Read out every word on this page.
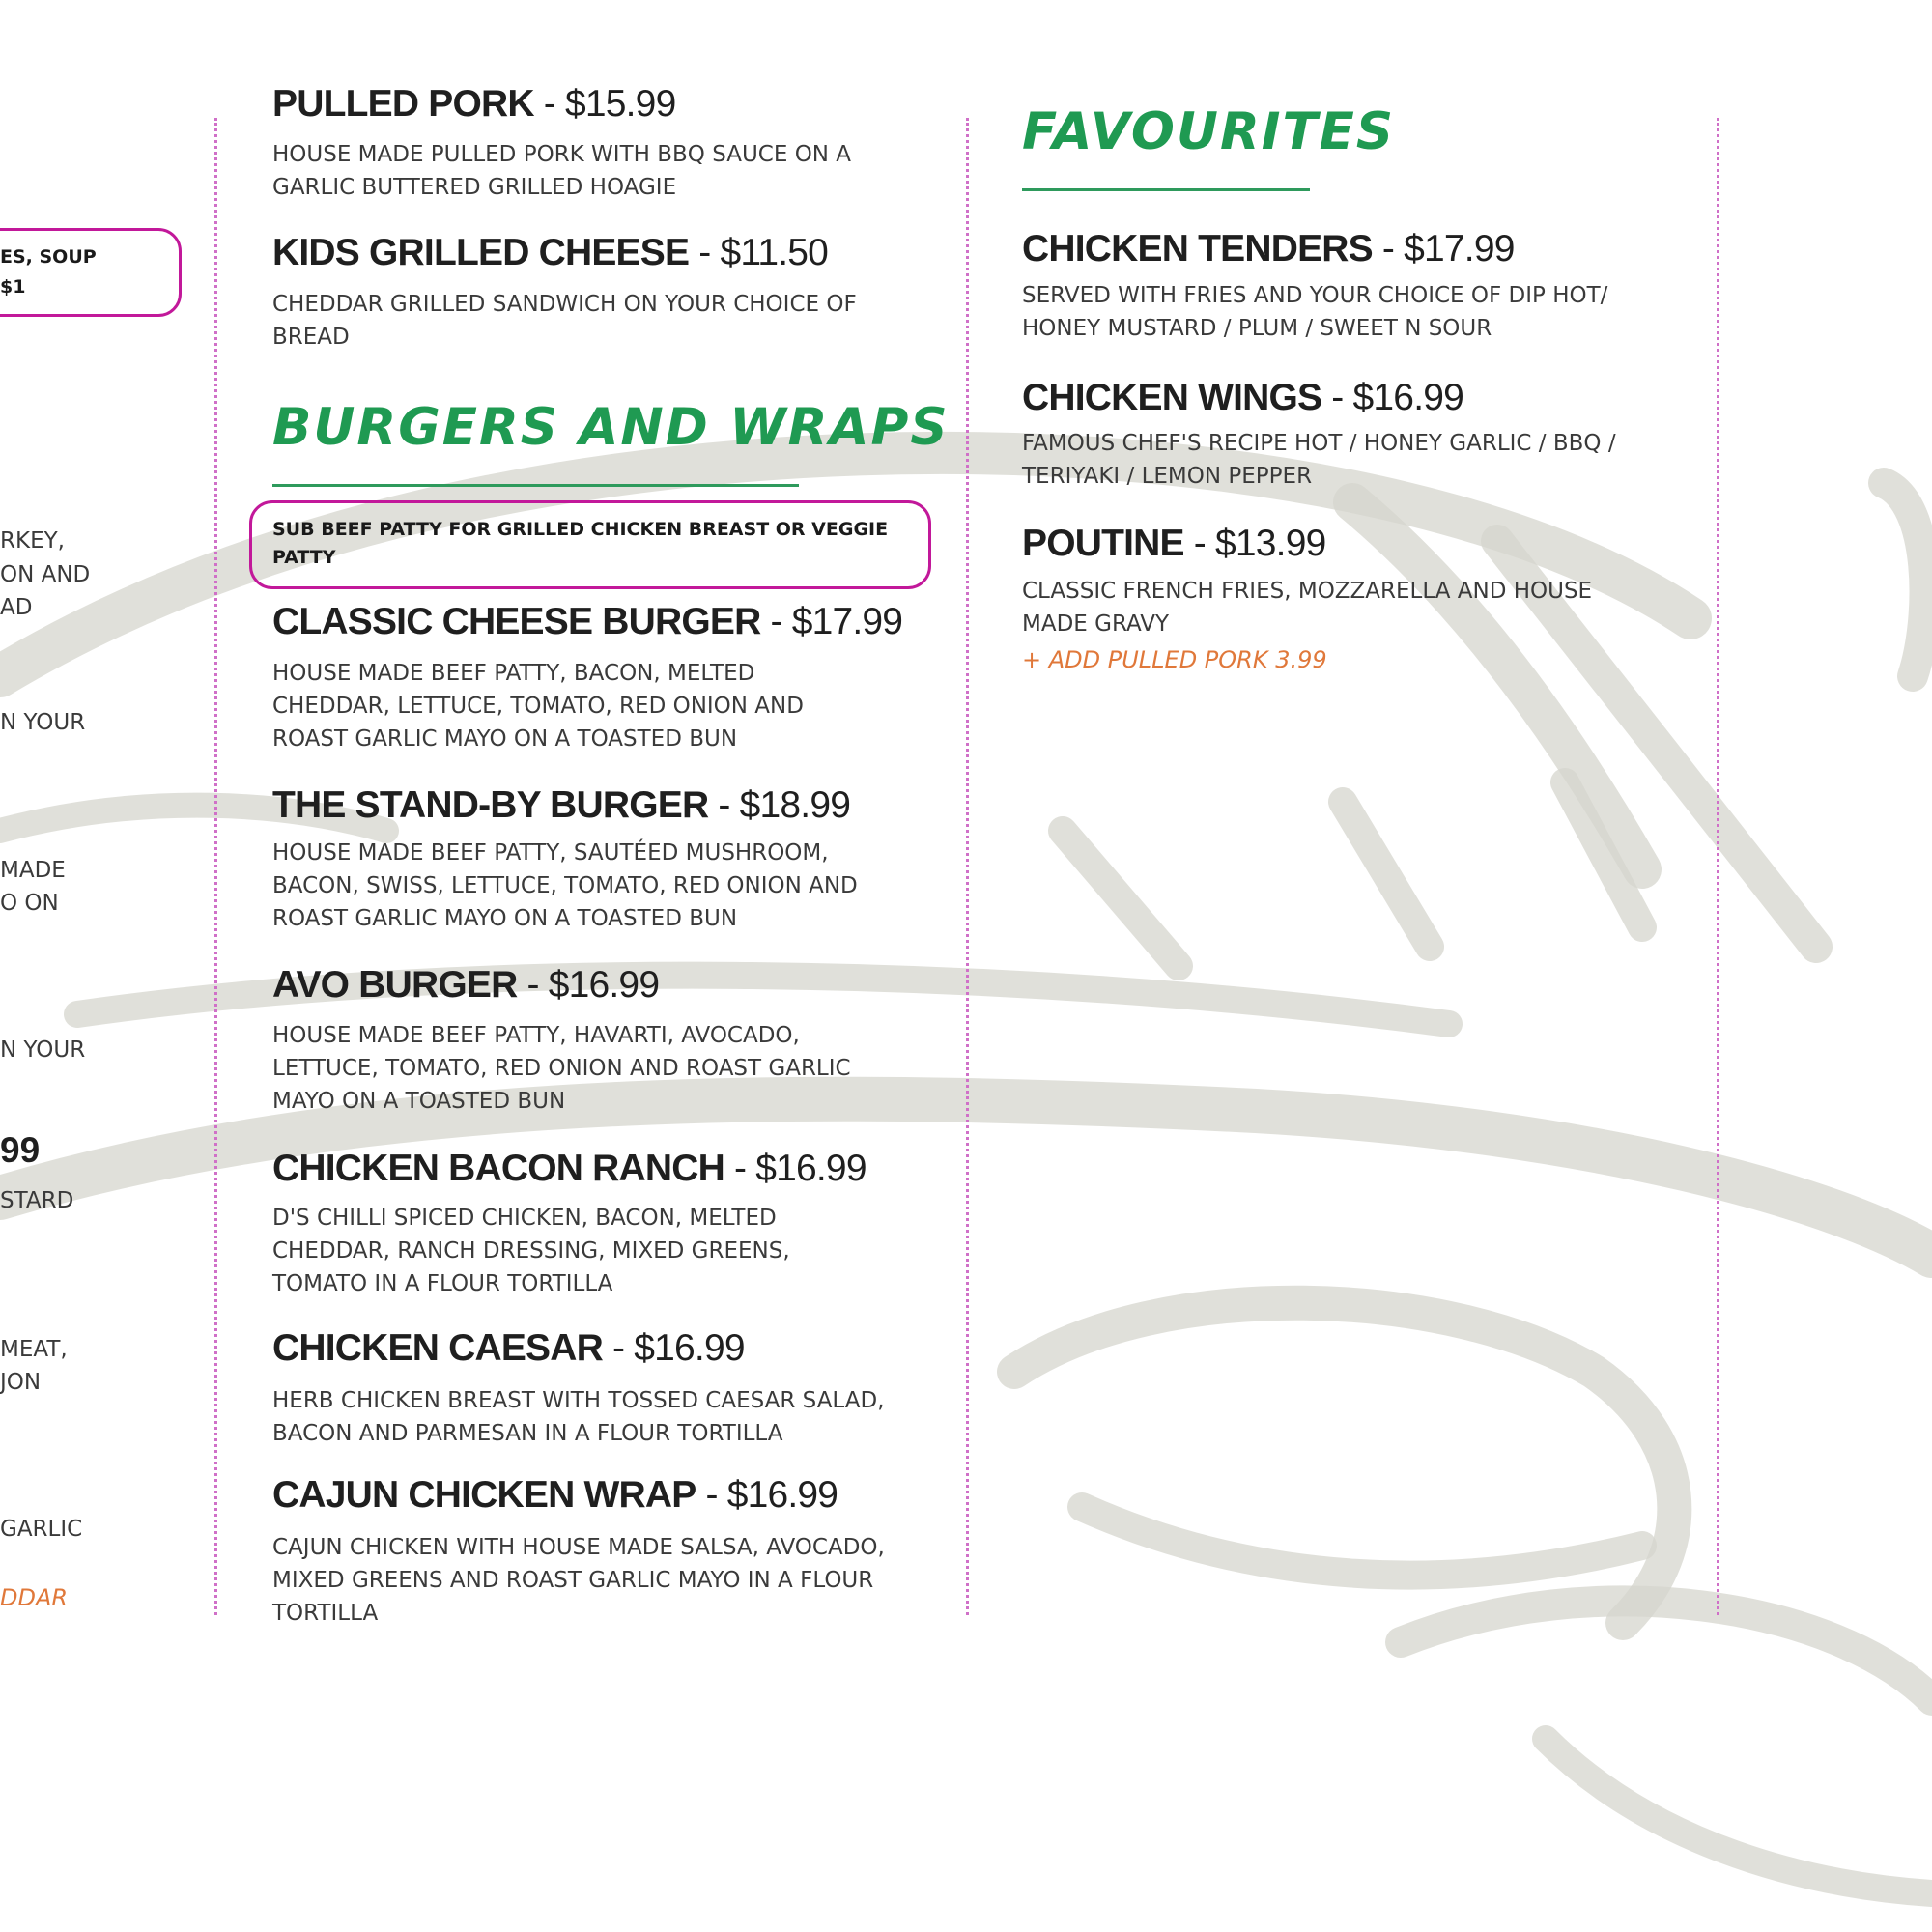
ES, SOUP

$1

RKEY,

ON AND

AD

N YOUR

MADE

O ON

N YOUR

99

STARD

MEAT,

JON

GARLIC

DDAR

PULLED PORK - $15.99

HOUSE MADE PULLED PORK WITH BBQ SAUCE ON A GARLIC BUTTERED GRILLED HOAGIE

KIDS GRILLED CHEESE - $11.50

CHEDDAR GRILLED SANDWICH ON YOUR CHOICE OF BREAD

BURGERS AND WRAPS

SUB BEEF PATTY FOR GRILLED CHICKEN BREAST OR VEGGIE PATTY

CLASSIC CHEESE BURGER - $17.99

HOUSE MADE BEEF PATTY, BACON, MELTED CHEDDAR, LETTUCE, TOMATO, RED ONION AND ROAST GARLIC MAYO ON A TOASTED BUN

THE STAND-BY BURGER - $18.99

HOUSE MADE BEEF PATTY, SAUTÉED MUSHROOM, BACON, SWISS, LETTUCE, TOMATO, RED ONION AND ROAST GARLIC MAYO ON A TOASTED BUN

AVO BURGER - $16.99

HOUSE MADE BEEF PATTY, HAVARTI, AVOCADO, LETTUCE, TOMATO, RED ONION AND ROAST GARLIC MAYO ON A TOASTED BUN

CHICKEN BACON RANCH - $16.99

D'S CHILLI SPICED CHICKEN, BACON, MELTED CHEDDAR, RANCH DRESSING, MIXED GREENS, TOMATO IN A FLOUR TORTILLA

CHICKEN CAESAR - $16.99

HERB CHICKEN BREAST WITH TOSSED CAESAR SALAD, BACON AND PARMESAN IN A FLOUR TORTILLA

CAJUN CHICKEN WRAP - $16.99

CAJUN CHICKEN WITH HOUSE MADE SALSA, AVOCADO, MIXED GREENS AND ROAST GARLIC MAYO IN A FLOUR TORTILLA

FAVOURITES
CHICKEN TENDERS - $17.99

SERVED WITH FRIES AND YOUR CHOICE OF DIP HOT/ HONEY MUSTARD / PLUM / SWEET N SOUR

CHICKEN WINGS - $16.99

FAMOUS CHEF'S RECIPE HOT / HONEY GARLIC / BBQ / TERIYAKI / LEMON PEPPER

POUTINE - $13.99

CLASSIC FRENCH FRIES, MOZZARELLA AND HOUSE MADE GRAVY

+ ADD PULLED PORK 3.99
